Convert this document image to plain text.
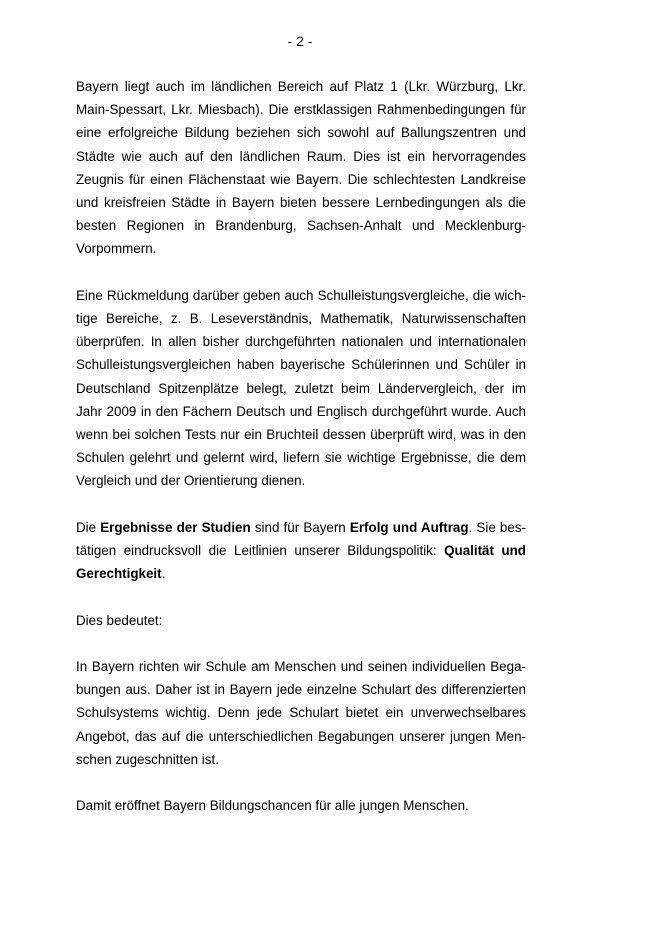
- 2 -

Bayern liegt auch im ländlichen Bereich auf Platz 1 (Lkr. Würzburg, Lkr. Main-Spessart, Lkr. Miesbach). Die erstklassigen Rahmenbedingungen für eine erfolgreiche Bildung beziehen sich sowohl auf Ballungszentren und Städte wie auch auf den ländlichen Raum. Dies ist ein hervorragendes Zeugnis für einen Flächenstaat wie Bayern. Die schlechtesten Landkreise und kreisfreien Städte in Bayern bieten bessere Lernbedingungen als die besten Regionen in Brandenburg, Sachsen-Anhalt und Mecklenburg-Vorpommern.

Eine Rückmeldung darüber geben auch Schulleistungsvergleiche, die wichtige Bereiche, z. B. Leseverständnis, Mathematik, Naturwissenschaften überprüfen. In allen bisher durchgeführten nationalen und internationalen Schulleistungsvergleichen haben bayerische Schülerinnen und Schüler in Deutschland Spitzenplätze belegt, zuletzt beim Ländervergleich, der im Jahr 2009 in den Fächern Deutsch und Englisch durchgeführt wurde. Auch wenn bei solchen Tests nur ein Bruchteil dessen überprüft wird, was in den Schulen gelehrt und gelernt wird, liefern sie wichtige Ergebnisse, die dem Vergleich und der Orientierung dienen.

Die Ergebnisse der Studien sind für Bayern Erfolg und Auftrag. Sie bestätigen eindrucksvoll die Leitlinien unserer Bildungspolitik: Qualität und Gerechtigkeit.

Dies bedeutet:

In Bayern richten wir Schule am Menschen und seinen individuellen Begabungen aus. Daher ist in Bayern jede einzelne Schulart des differenzierten Schulsystems wichtig. Denn jede Schulart bietet ein unverwechselbares Angebot, das auf die unterschiedlichen Begabungen unserer jungen Menschen zugeschnitten ist.

Damit eröffnet Bayern Bildungschancen für alle jungen Menschen.
